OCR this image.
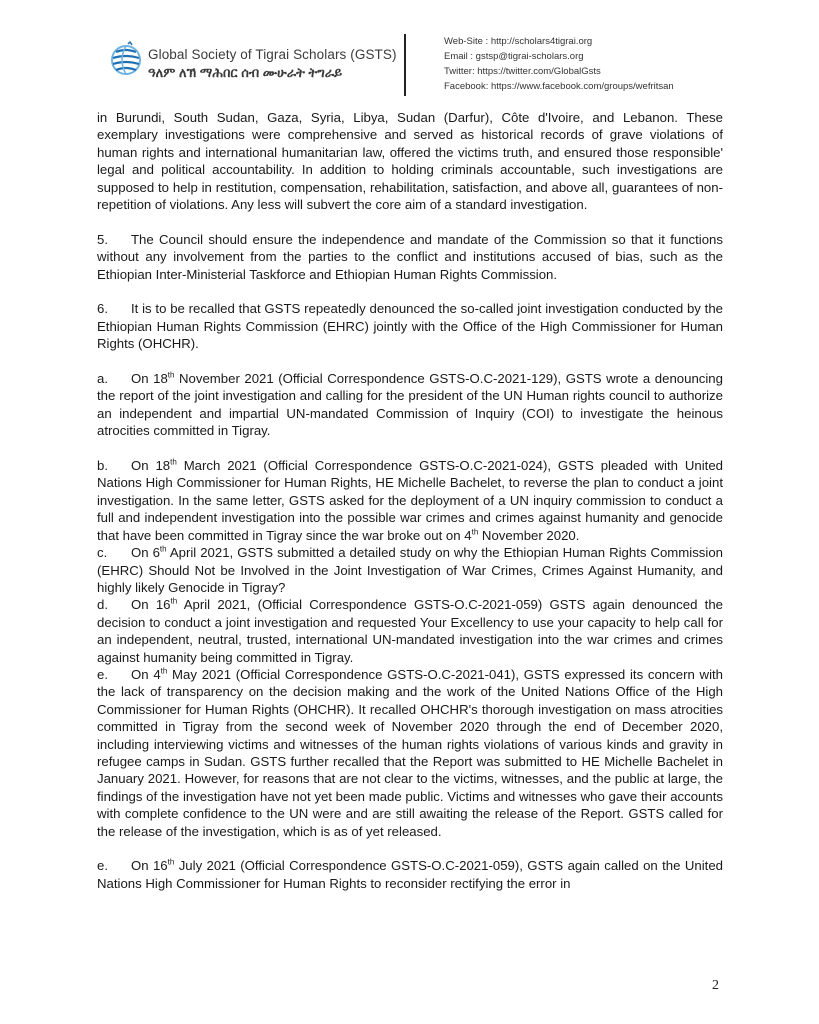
Global Society of Tigrai Scholars (GSTS)
ዓለም ለኽ ማሕበር ሰብ ሙሁራት ትግራይ
Web-Site : http://scholars4tigrai.org
Email : gstsp@tigrai-scholars.org
Twitter: https://twitter.com/GlobalGsts
Facebook: https://www.facebook.com/groups/wefritsan

in Burundi, South Sudan, Gaza, Syria, Libya, Sudan (Darfur), Côte d'Ivoire, and Lebanon. These exemplary investigations were comprehensive and served as historical records of grave violations of human rights and international humanitarian law, offered the victims truth, and ensured those responsible' legal and political accountability. In addition to holding criminals accountable, such investigations are supposed to help in restitution, compensation, rehabilitation, satisfaction, and above all, guarantees of non-repetition of violations. Any less will subvert the core aim of a standard investigation.

5. The Council should ensure the independence and mandate of the Commission so that it functions without any involvement from the parties to the conflict and institutions accused of bias, such as the Ethiopian Inter-Ministerial Taskforce and Ethiopian Human Rights Commission.

6. It is to be recalled that GSTS repeatedly denounced the so-called joint investigation conducted by the Ethiopian Human Rights Commission (EHRC) jointly with the Office of the High Commissioner for Human Rights (OHCHR).

a. On 18th November 2021 (Official Correspondence GSTS-O.C-2021-129), GSTS wrote a denouncing the report of the joint investigation and calling for the president of the UN Human rights council to authorize an independent and impartial UN-mandated Commission of Inquiry (COI) to investigate the heinous atrocities committed in Tigray.

b. On 18th March 2021 (Official Correspondence GSTS-O.C-2021-024), GSTS pleaded with United Nations High Commissioner for Human Rights, HE Michelle Bachelet, to reverse the plan to conduct a joint investigation. In the same letter, GSTS asked for the deployment of a UN inquiry commission to conduct a full and independent investigation into the possible war crimes and crimes against humanity and genocide that have been committed in Tigray since the war broke out on 4th November 2020.

c. On 6th April 2021, GSTS submitted a detailed study on why the Ethiopian Human Rights Commission (EHRC) Should Not be Involved in the Joint Investigation of War Crimes, Crimes Against Humanity, and highly likely Genocide in Tigray?

d. On 16th April 2021, (Official Correspondence GSTS-O.C-2021-059) GSTS again denounced the decision to conduct a joint investigation and requested Your Excellency to use your capacity to help call for an independent, neutral, trusted, international UN-mandated investigation into the war crimes and crimes against humanity being committed in Tigray.

e. On 4th May 2021 (Official Correspondence GSTS-O.C-2021-041), GSTS expressed its concern with the lack of transparency on the decision making and the work of the United Nations Office of the High Commissioner for Human Rights (OHCHR). It recalled OHCHR's thorough investigation on mass atrocities committed in Tigray from the second week of November 2020 through the end of December 2020, including interviewing victims and witnesses of the human rights violations of various kinds and gravity in refugee camps in Sudan. GSTS further recalled that the Report was submitted to HE Michelle Bachelet in January 2021. However, for reasons that are not clear to the victims, witnesses, and the public at large, the findings of the investigation have not yet been made public. Victims and witnesses who gave their accounts with complete confidence to the UN were and are still awaiting the release of the Report. GSTS called for the release of the investigation, which is as of yet released.

e. On 16th July 2021 (Official Correspondence GSTS-O.C-2021-059), GSTS again called on the United Nations High Commissioner for Human Rights to reconsider rectifying the error in

2
